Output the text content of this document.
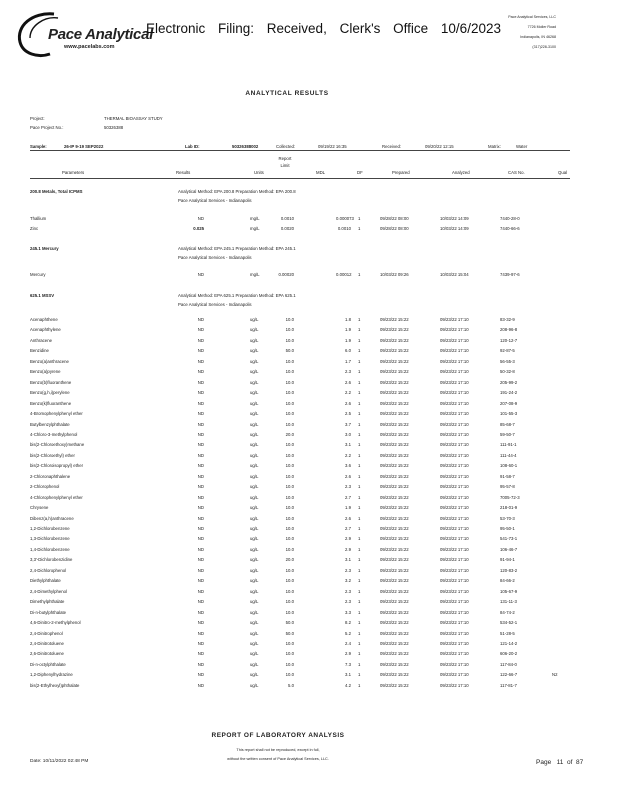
Pace Analytical
www.pacelabs.com
Electronic Filing: Received, Clerk's Office 10/6/2023
Pace Analytical Services, LLC
7726 Moller Road
Indianapolis, IN 46268
(317)228-3100
ANALYTICAL RESULTS
Project:	THERMAL BIOASSAY STUDY
Pace Project No.:	50326388
Sample:	26-IP 9-19 SEP2022	Lab ID:	50326388002	Collected:	09/19/22 16:35	Received:	09/20/22 12:15	Matrix:	Water
Report
Limit
Parameters	Results	Units	MDL	DF	Prepared	Analyzed	CAS No.	Qual
200.8 Metals, Total ICPMS	Analytical Method: EPA 200.8 Preparation Method: EPA 200.8
Pace Analytical Services - Indianapolis
Thallium	ND	mg/L	0.0010	0.000073 1	09/28/22 08:00	10/03/22 14:09	7440-28-0
Zinc	0.025	mg/L	0.0020	0.0010 1	09/28/22 08:00	10/03/22 14:09	7440-66-6
245.1 Mercury	Analytical Method: EPA 245.1 Preparation Method: EPA 245.1
Pace Analytical Services - Indianapolis
Mercury	ND	mg/L	0.00020	0.00012 1	10/03/22 09:26	10/03/22 15:04	7439-97-6
625.1 MSSV	Analytical Method: EPA 625.1 Preparation Method: EPA 625.1
Pace Analytical Services - Indianapolis
Acenaphthene	ND	ug/L	10.0	1.8 1	09/23/22 15:22	09/23/22 17:10	83-32-9
Acenaphthylene	ND	ug/L	10.0	1.9 1	09/23/22 15:22	09/23/22 17:10	208-96-8
Anthracene	ND	ug/L	10.0	1.9 1	09/23/22 15:22	09/23/22 17:10	120-12-7
Benzidine	ND	ug/L	50.0	6.0 1	09/23/22 15:22	09/23/22 17:10	92-87-5
Benzo(a)anthracene	ND	ug/L	10.0	1.7 1	09/23/22 15:22	09/23/22 17:10	56-55-3
Benzo(a)pyrene	ND	ug/L	10.0	2.3 1	09/23/22 15:22	09/23/22 17:10	50-32-8
Benzo(b)fluoranthene	ND	ug/L	10.0	2.6 1	09/23/22 15:22	09/23/22 17:10	205-99-2
Benzo(g,h,i)perylene	ND	ug/L	10.0	2.2 1	09/23/22 15:22	09/23/22 17:10	191-24-2
Benzo(k)fluoranthene	ND	ug/L	10.0	2.6 1	09/23/22 15:22	09/23/22 17:10	207-08-9
4-Bromophenylphenyl ether	ND	ug/L	10.0	2.5 1	09/23/22 15:22	09/23/22 17:10	101-55-3
Butylbenzylphthalate	ND	ug/L	10.0	3.7 1	09/23/22 15:22	09/23/22 17:10	85-68-7
4-Chloro-3-methylphenol	ND	ug/L	20.0	3.0 1	09/23/22 15:22	09/23/22 17:10	59-50-7
bis(2-Chloroethoxy)methane	ND	ug/L	10.0	3.1 1	09/23/22 15:22	09/23/22 17:10	111-91-1
bis(2-Chloroethyl) ether	ND	ug/L	10.0	2.2 1	09/23/22 15:22	09/23/22 17:10	111-44-4
bis(2-Chloroisopropyl) ether	ND	ug/L	10.0	3.6 1	09/23/22 15:22	09/23/22 17:10	108-60-1
2-Chloronaphthalene	ND	ug/L	10.0	2.6 1	09/23/22 15:22	09/23/22 17:10	91-58-7
2-Chlorophenol	ND	ug/L	10.0	2.3 1	09/23/22 15:22	09/23/22 17:10	95-57-8
4-Chlorophenylphenyl ether	ND	ug/L	10.0	2.7 1	09/23/22 15:22	09/23/22 17:10	7005-72-3
Chrysene	ND	ug/L	10.0	1.9 1	09/23/22 15:22	09/23/22 17:10	218-01-9
Dibenz(a,h)anthracene	ND	ug/L	10.0	2.6 1	09/23/22 15:22	09/23/22 17:10	53-70-3
1,2-Dichlorobenzene	ND	ug/L	10.0	2.7 1	09/23/22 15:22	09/23/22 17:10	95-50-1
1,3-Dichlorobenzene	ND	ug/L	10.0	2.9 1	09/23/22 15:22	09/23/22 17:10	541-73-1
1,4-Dichlorobenzene	ND	ug/L	10.0	2.9 1	09/23/22 15:22	09/23/22 17:10	106-46-7
3,3'-Dichlorobenzidine	ND	ug/L	20.0	3.1 1	09/23/22 15:22	09/23/22 17:10	91-94-1
2,4-Dichlorophenol	ND	ug/L	10.0	2.3 1	09/23/22 15:22	09/23/22 17:10	120-83-2
Diethylphthalate	ND	ug/L	10.0	3.2 1	09/23/22 15:22	09/23/22 17:10	84-66-2
2,4-Dimethylphenol	ND	ug/L	10.0	2.3 1	09/23/22 15:22	09/23/22 17:10	105-67-9
Dimethylphthalate	ND	ug/L	10.0	2.3 1	09/23/22 15:22	09/23/22 17:10	131-11-3
Di-n-butylphthalate	ND	ug/L	10.0	3.3 1	09/23/22 15:22	09/23/22 17:10	84-74-2
4,6-Dinitro-2-methylphenol	ND	ug/L	50.0	8.2 1	09/23/22 15:22	09/23/22 17:10	534-52-1
2,4-Dinitrophenol	ND	ug/L	50.0	5.2 1	09/23/22 15:22	09/23/22 17:10	51-28-5
2,4-Dinitrotoluene	ND	ug/L	10.0	2.4 1	09/23/22 15:22	09/23/22 17:10	121-14-2
2,6-Dinitrotoluene	ND	ug/L	10.0	2.9 1	09/23/22 15:22	09/23/22 17:10	606-20-2
Di-n-octylphthalate	ND	ug/L	10.0	7.3 1	09/23/22 15:22	09/23/22 17:10	117-84-0
1,2-Diphenylhydrazine	ND	ug/L	10.0	3.1 1	09/23/22 15:22	09/23/22 17:10	122-66-7	N2
bis(2-Ethylhexyl)phthalate	ND	ug/L	5.0	4.2 1	09/23/22 15:22	09/23/22 17:10	117-81-7
REPORT OF LABORATORY ANALYSIS
This report shall not be reproduced, except in full,
without the written consent of Pace Analytical Services, LLC.
Date: 10/11/2022 02:48 PM	Page 11 of 87
